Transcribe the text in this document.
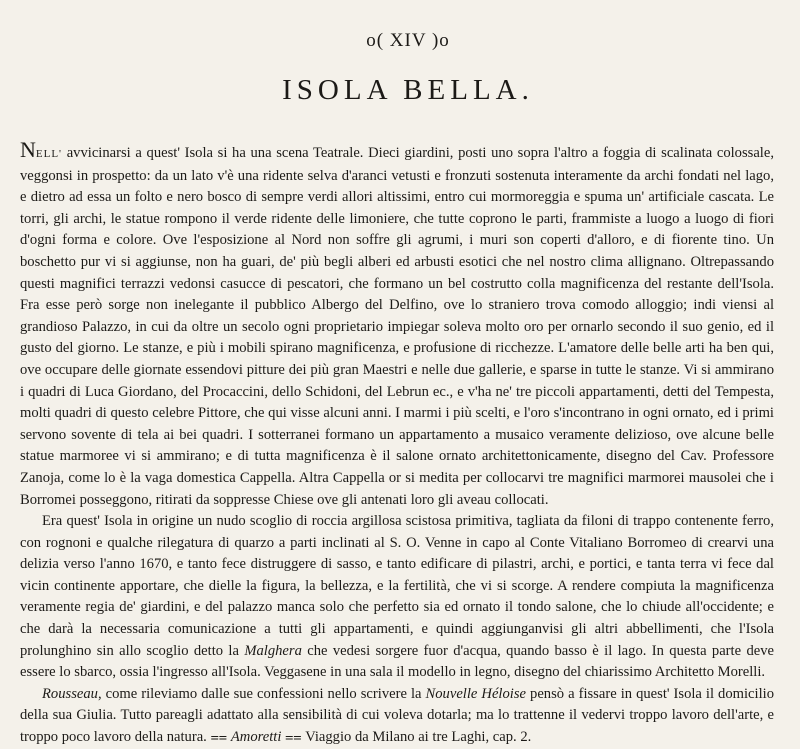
o( XIV )o
ISOLA BELLA.

NELL' avvicinarsi a quest' Isola si ha una scena Teatrale. Dieci giardini, posti uno sopra l'altro a foggia di scalinata colossale, veggonsi in prospetto: da un lato v'è una ridente selva d'aranci vetusti e fronzuti sostenuta interamente da archi fondati nel lago, e dietro ad essa un folto e nero bosco di sempre verdi allori altissimi, entro cui mormoreggia e spuma un' artificiale cascata. Le torri, gli archi, le statue rompono il verde ridente delle limoniere, che tutte coprono le parti, frammiste a luogo a luogo di fiori d'ogni forma e colore. Ove l'esposizione al Nord non soffre gli agrumi, i muri son coperti d'alloro, e di fiorente tino. Un boschetto pur vi si aggiunse, non ha guari, de' più begli alberi ed arbusti esotici che nel nostro clima allignano. Oltrepassando questi magnifici terrazzi vedonsi casucce di pescatori, che formano un bel costrutto colla magnificenza del restante dell'Isola. Fra esse però sorge non inelegante il pubblico Albergo del Delfino, ove lo straniero trova comodo alloggio; indi viensi al grandioso Palazzo, in cui da oltre un secolo ogni proprietario impiegar soleva molto oro per ornarlo secondo il suo genio, ed il gusto del giorno. Le stanze, e più i mobili spirano magnificenza, e profusione di ricchezze. L'amatore delle belle arti ha ben qui, ove occupare delle giornate essendovi pitture dei più gran Maestri e nelle due gallerie, e sparse in tutte le stanze. Vi si ammirano i quadri di Luca Giordano, del Procaccini, dello Schidoni, del Lebrun ec., e v'ha ne' tre piccoli appartamenti, detti del Tempesta, molti quadri di questo celebre Pittore, che qui visse alcuni anni. I marmi i più scelti, e l'oro s'incontrano in ogni ornato, ed i primi servono sovente di tela ai bei quadri. I sotterranei formano un appartamento a musaico veramente delizioso, ove alcune belle statue marmoree vi si ammirano; e di tutta magnificenza è il salone ornato architettonicamente, disegno del Cav. Professore Zanoja, come lo è la vaga domestica Cappella. Altra Cappella or si medita per collocarvi tre magnifici marmorei mausolei che i Borromei posseggono, ritirati da soppresse Chiese ove gli antenati loro gli aveau collocati.

Era quest' Isola in origine un nudo scoglio di roccia argillosa scistosa primitiva, tagliata da filoni di trappo contenente ferro, con rognoni e qualche rilegatura di quarzo a parti inclinati al S. O. Venne in capo al Conte Vitaliano Borromeo di crearvi una delizia verso l'anno 1670, e tanto fece distruggere di sasso, e tanto edificare di pilastri, archi, e portici, e tanta terra vi fece dal vicin continente apportare, che dielle la figura, la bellezza, e la fertilità, che vi si scorge. A rendere compiuta la magnificenza veramente regia de' giardini, e del palazzo manca solo che perfetto sia ed ornato il tondo salone, che lo chiude all'occidente; e che darà la necessaria comunicazione a tutti gli appartamenti, e quindi aggiunganvisi gli altri abbellimenti, che l'Isola prolunghino sin allo scoglio detto la Malghera che vedesi sorgere fuor d'acqua, quando basso è il lago. In questa parte deve essere lo sbarco, ossia l'ingresso all'Isola. Veggasene in una sala il modello in legno, disegno del chiarissimo Architetto Morelli.

Rousseau, come rileviamo dalle sue confessioni nello scrivere la Nouvelle Héloise pensò a fissare in quest' Isola il domicilio della sua Giulia. Tutto pareagli adattato alla sensibilità di cui voleva dotarla; ma lo trattenne il vedervi troppo lavoro dell'arte, e troppo poco lavoro della natura. ⩵ Amoretti ⩵ Viaggio da Milano ai tre Laghi, cap. 2.
